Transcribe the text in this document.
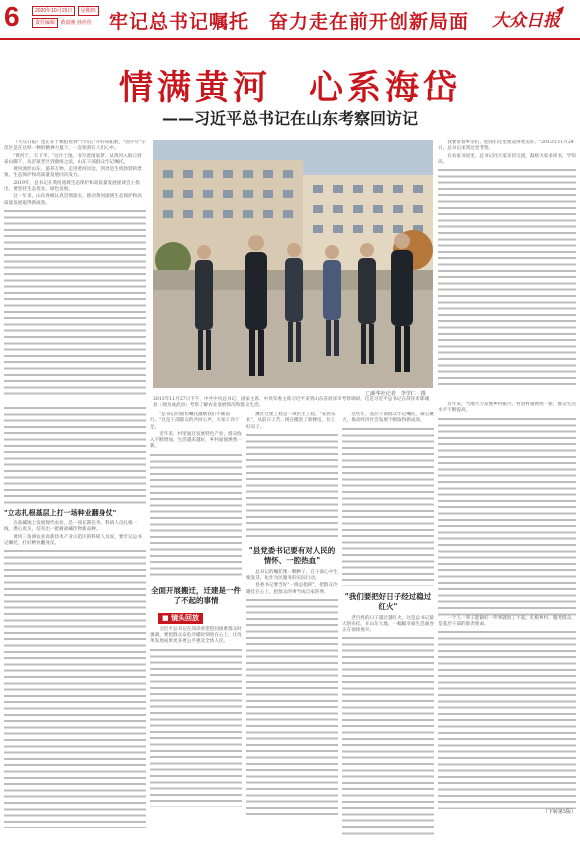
6	2020年10月15日 星期四
责任编辑 黄富刚 孙佳佳 牢记总书记嘱托　奋力走在前开创新局面 大众日报
情满黄河　心系海岱
——习近平总书记在山东考察回访记

（大众日报）也正在十堰抢看到"十四五"开好局拓展，"国字号"示范区是在这样一种的精神力量下，一直铭刻在人们心中。

"黄河宁，天下平。"这片土地，书写着国家梦。从黄河入海口到泰山脚下，从沂蒙老区到渤海之滨，山东干部群众牢记嘱托。

黄河流经山东，滋养万物。走进黄河岸边，到处是生机勃勃的景象，生态保护和高质量发展同向发力。

2019年，总书记在黄河流域生态保护和高质量发展座谈会上指出，要坚持生态优先、绿色发展。

这一年来，山东各级认真贯彻落实，推动黄河流域生态保护和高质量发展取得新成效。

□新华社记者　李学仁　摄

我要带着乡亲们，把我们这里建设得更美好。"2013年11月24日，总书记来到这里考察。

在农家书屋里，总书记同大家亲切交流，鼓励大家多读书，学知识。

2013年11月27日下午，中共中央总书记、国家主席、中央军委主席习近平来到山东省菏泽市考察调研，这是习近平总书记在菏泽市郓城县（现为成武县）考察了解农业发展情况和群众生活。
"立志扎根基层上打一场种业翻身仗"

在盐碱地上发展现代农业，是一项长期任务。科研人员扎根一线，潜心攻关，培育出一批耐盐碱作物新品种。

黄河三角洲农业高新技术产业示范区的科研人员说，要牢记总书记嘱托，打好种业翻身仗。

"总书记的殷切嘱托激励我们不断前行。"这是干部群众的共同心声，大家干劲十足。

近年来，村里通过发展特色产业，群众收入不断增加，生活越来越好，乡村面貌焕然一新。

全面开展搬迁，迁建是一件了不起的事情
■ 镜头回放

习近平总书记在菏泽看望慰问困难群众时强调，要把群众安危冷暖时刻放在心上，让改革发展成果更多更公平惠及全体人民。

滩区迁建工程是一项民生工程。"安居乐业"，从前日子苦，现在搬进了新楼房，住上好房子。

"县党委书记要有对人民的情怀、一腔热血"

总书记的嘱托像一颗种子，在干部心中生根发芽，化作为民服务的实际行动。

县委书记要当好"一线总指挥"，把群众冷暖挂在心上，把群众的事当成自家的事。

这些年，基层干部群众牢记嘱托，凝心聚力，推动经济社会发展不断取得新成效。

"我们要把好日子经过稳过红火"

老百姓的日子越过越红火，这是总书记最大的牵挂。在山东大地，一幅幅幸福生活画卷正在徐徐展开。

近年来，当地大力发展乡村振兴，村容村貌焕然一新，群众生活水平不断提高。

一个人一辈子能做好一件事就很了不起。扎根乡村、服务群众，是基层干部的职责使命。

（下转第5版）
